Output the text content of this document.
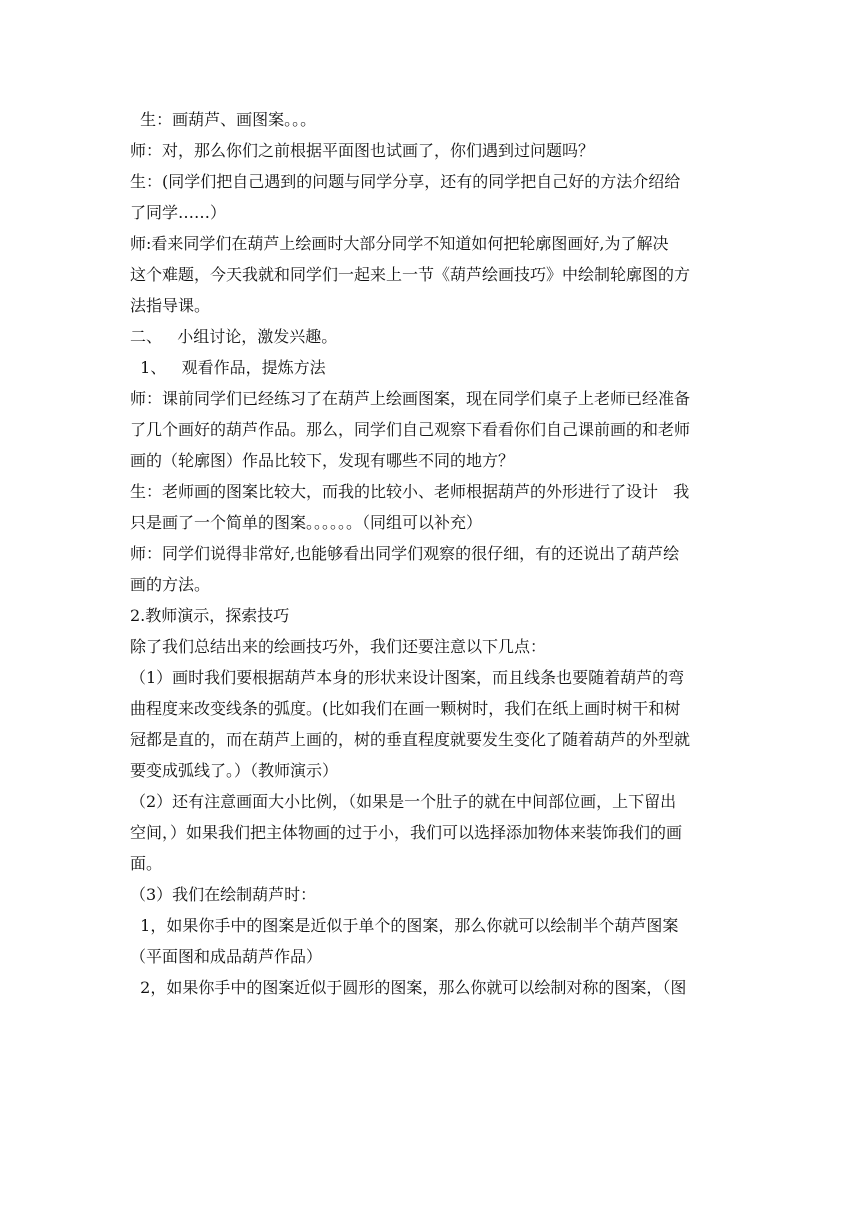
生：画葫芦、画图案。。。
师：对，那么你们之前根据平面图也试画了，你们遇到过问题吗？
生：(同学们把自己遇到的问题与同学分享，还有的同学把自己好的方法介绍给
了同学……）
师:看来同学们在葫芦上绘画时大部分同学不知道如何把轮廓图画好,为了解决
这个难题，今天我就和同学们一起来上一节《葫芦绘画技巧》中绘制轮廓图的方
法指导课。
二、   小组讨论，激发兴趣。
1、   观看作品，提炼方法
师：课前同学们已经练习了在葫芦上绘画图案，现在同学们桌子上老师已经准备
了几个画好的葫芦作品。那么，同学们自己观察下看看你们自己课前画的和老师
画的（轮廓图）作品比较下，发现有哪些不同的地方？
生：老师画的图案比较大，而我的比较小、老师根据葫芦的外形进行了设计   我
只是画了一个简单的图案。。。。。。（同组可以补充）
师：同学们说得非常好,也能够看出同学们观察的很仔细，有的还说出了葫芦绘
画的方法。
2.教师演示，探索技巧
除了我们总结出来的绘画技巧外，我们还要注意以下几点：
（1）画时我们要根据葫芦本身的形状来设计图案，而且线条也要随着葫芦的弯
曲程度来改变线条的弧度。(比如我们在画一颗树时，我们在纸上画时树干和树
冠都是直的，而在葫芦上画的，树的垂直程度就要发生变化了随着葫芦的外型就
要变成弧线了。）（教师演示）
（2）还有注意画面大小比例，（如果是一个肚子的就在中间部位画，上下留出
空间，）如果我们把主体物画的过于小，我们可以选择添加物体来装饰我们的画
面。
（3）我们在绘制葫芦时：
1，如果你手中的图案是近似于单个的图案，那么你就可以绘制半个葫芦图案
（平面图和成品葫芦作品）
2，如果你手中的图案近似于圆形的图案，那么你就可以绘制对称的图案，（图
